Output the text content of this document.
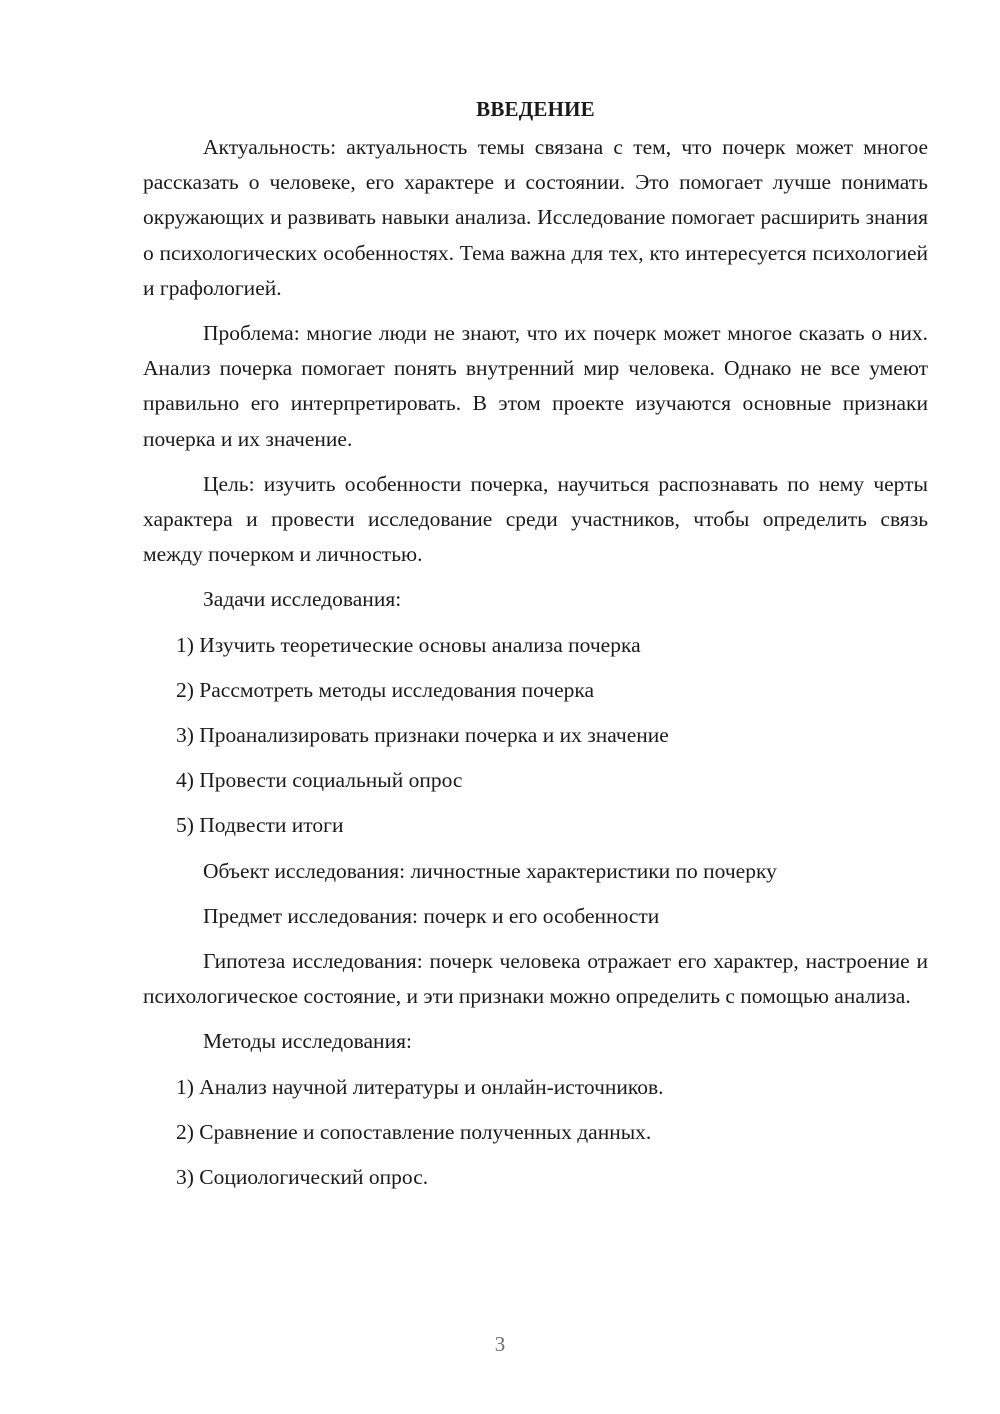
ВВЕДЕНИЕ

Актуальность: актуальность темы связана с тем, что почерк может многое рассказать о человеке, его характере и состоянии. Это помогает лучше понимать окружающих и развивать навыки анализа. Исследование помогает расширить знания о психологических особенностях. Тема важна для тех, кто интересуется психологией и графологией.

Проблема: многие люди не знают, что их почерк может многое сказать о них. Анализ почерка помогает понять внутренний мир человека. Однако не все умеют правильно его интерпретировать. В этом проекте изучаются основные признаки почерка и их значение.

Цель: изучить особенности почерка, научиться распознавать по нему черты характера и провести исследование среди участников, чтобы определить связь между почерком и личностью.

Задачи исследования:
1) Изучить теоретические основы анализа почерка
2) Рассмотреть методы исследования почерка
3) Проанализировать признаки почерка и их значение
4) Провести социальный опрос
5) Подвести итоги
Объект исследования: личностные характеристики по почерку
Предмет исследования: почерк и его особенности

Гипотеза исследования: почерк человека отражает его характер, настроение и психологическое состояние, и эти признаки можно определить с помощью анализа.

Методы исследования:
1) Анализ научной литературы и онлайн-источников.
2) Сравнение и сопоставление полученных данных.
3) Социологический опрос.
3
